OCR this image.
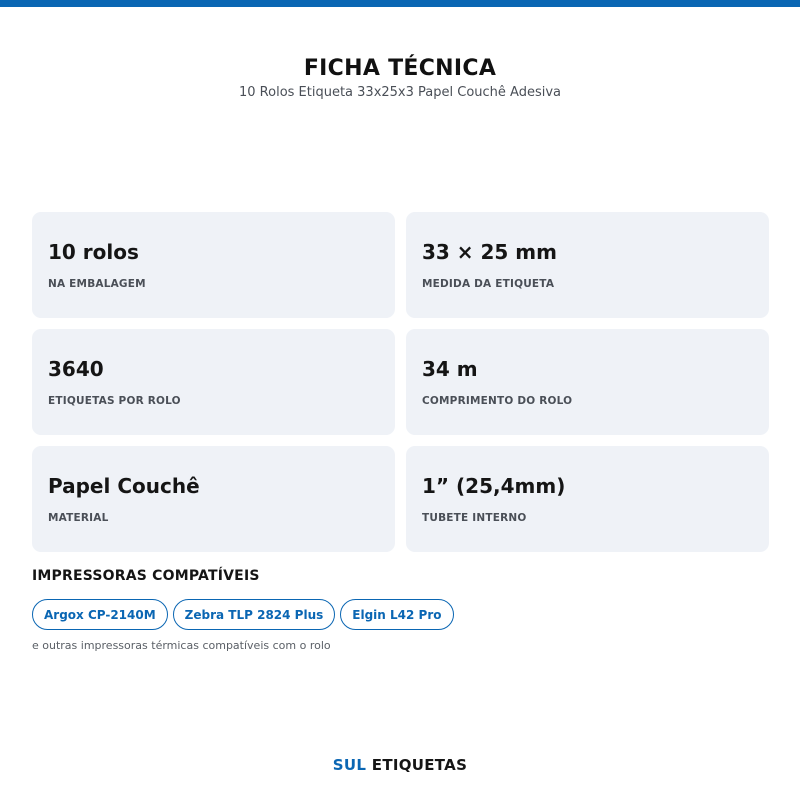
FICHA TÉCNICA
10 Rolos Etiqueta 33x25x3 Papel Couchê Adesiva
10 rolos
NA EMBALAGEM
33 × 25 mm
MEDIDA DA ETIQUETA
3640
ETIQUETAS POR ROLO
34 m
COMPRIMENTO DO ROLO
Papel Couchê
MATERIAL
1” (25,4mm)
TUBETE INTERNO
IMPRESSORAS COMPATÍVEIS
Argox CP-2140M	Zebra TLP 2824 Plus	Elgin L42 Pro
e outras impressoras térmicas compatíveis com o rolo
SUL ETIQUETAS
